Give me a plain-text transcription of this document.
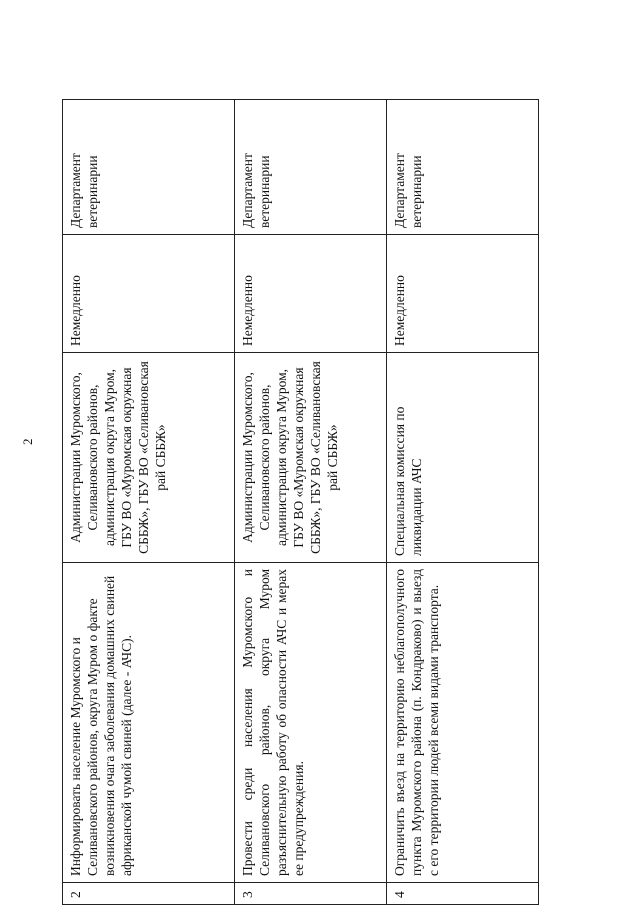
2
2	Информировать население Муромского и Селивановского районов, округа Муром о факте возникновения очага заболевания домашних свиней африканской чумой свиней (далее - АЧС).	Администрации Муромского, Селивановского районов, администрация округа Муром, ГБУ ВО «Муромская окружная СББЖ», ГБУ ВО «Селивановская рай СББЖ»	Немедленно	Департамент ветеринарии
3	Провести среди населения Муромского и Селивановского районов, округа Муром разъяснительную работу об опасности АЧС и мерах ее предупреждения.	Администрации Муромского, Селивановского районов, администрация округа Муром, ГБУ ВО «Муромская окружная СББЖ», ГБУ ВО «Селивановская рай СББЖ»	Немедленно	Департамент ветеринарии
4	Ограничить въезд на территорию неблагополучного пункта Муромского района (п. Кондраково) и выезд с его территории людей всеми видами транспорта.	Специальная комиссия по ликвидации АЧС	Немедленно	Департамент ветеринарии
